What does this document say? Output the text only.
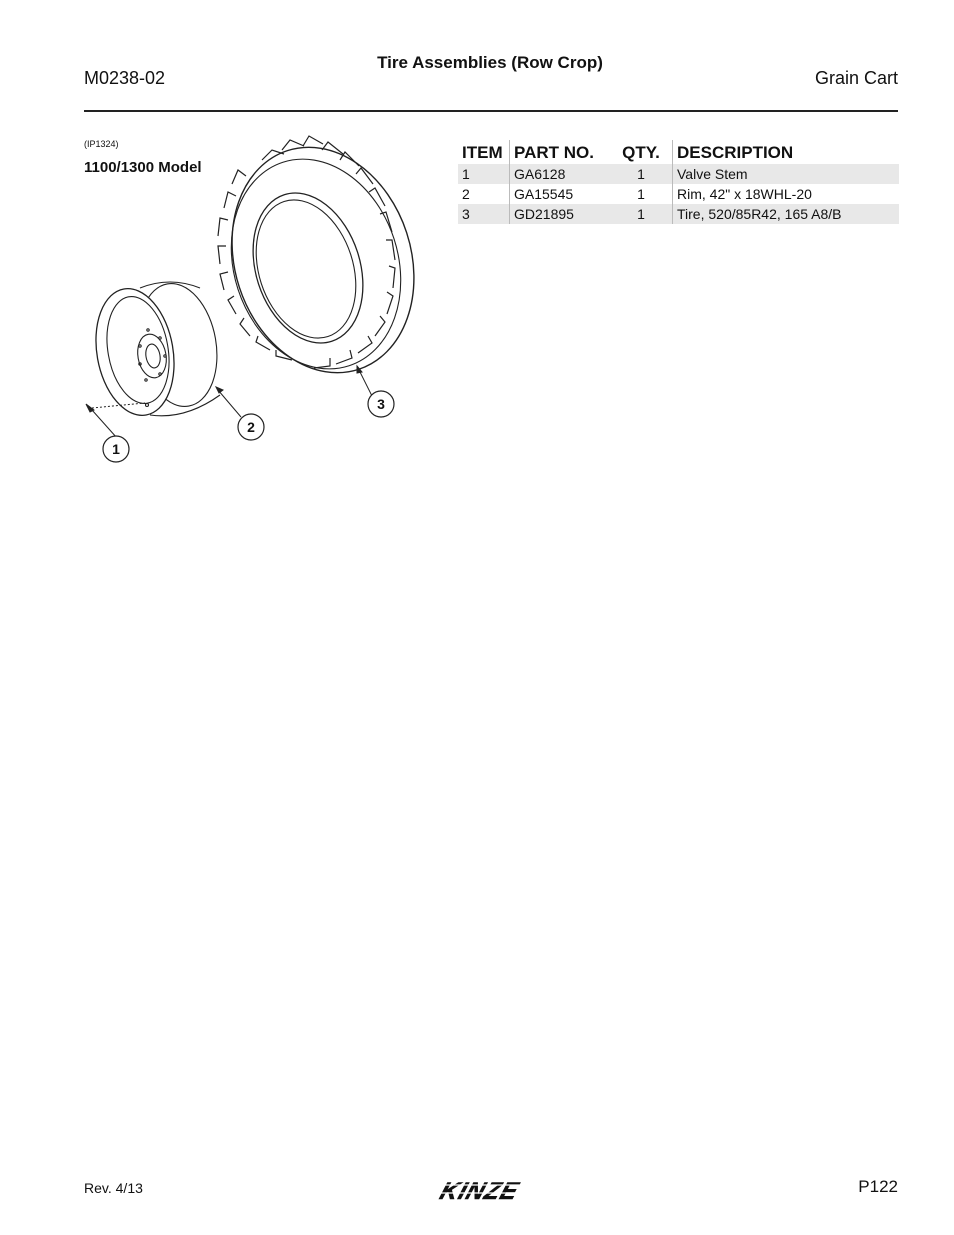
M0238-02
Tire Assemblies (Row Crop)
Grain Cart
(IP1324)
1100/1300 Model
1
2
3
ITEM	PART NO.	QTY.	DESCRIPTION
1	GA6128	1	Valve Stem
2	GA15545	1	Rim, 42" x 18WHL-20
3	GD21895	1	Tire, 520/85R42, 165 A8/B
Rev. 4/13	KINZE	P122
